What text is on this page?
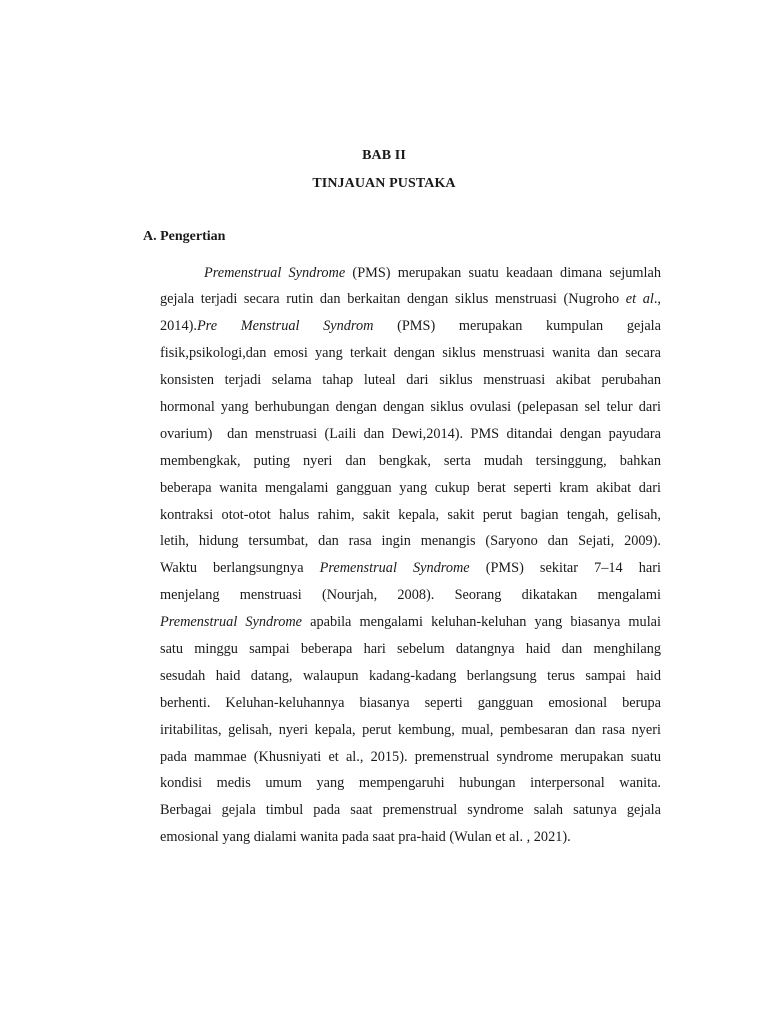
BAB II
TINJAUAN PUSTAKA
A. Pengertian
Premenstrual Syndrome (PMS) merupakan suatu keadaan dimana sejumlah
gejala terjadi secara rutin dan berkaitan dengan siklus menstruasi (Nugroho et al.,
2014).Pre Menstrual Syndrom (PMS) merupakan kumpulan gejala
fisik,psikologi,dan emosi yang terkait dengan siklus menstruasi wanita dan secara
konsisten terjadi selama tahap luteal dari siklus menstruasi akibat perubahan
hormonal yang berhubungan dengan dengan siklus ovulasi (pelepasan sel telur dari
ovarium)  dan menstruasi (Laili dan Dewi,2014). PMS ditandai dengan payudara
membengkak, puting nyeri dan bengkak, serta mudah tersinggung, bahkan
beberapa wanita mengalami gangguan yang cukup berat seperti kram akibat dari
kontraksi otot-otot halus rahim, sakit kepala, sakit perut bagian tengah, gelisah,
letih, hidung tersumbat, dan rasa ingin menangis (Saryono dan Sejati, 2009).
Waktu berlangsungnya Premenstrual Syndrome (PMS) sekitar 7–14 hari
menjelang menstruasi (Nourjah, 2008). Seorang dikatakan mengalami
Premenstrual Syndrome apabila mengalami keluhan-keluhan yang biasanya mulai
satu minggu sampai beberapa hari sebelum datangnya haid dan menghilang
sesudah haid datang, walaupun kadang-kadang berlangsung terus sampai haid
berhenti. Keluhan-keluhannya biasanya seperti gangguan emosional berupa
iritabilitas, gelisah, nyeri kepala, perut kembung, mual, pembesaran dan rasa nyeri
pada mammae (Khusniyati et al., 2015). premenstrual syndrome merupakan suatu
kondisi medis umum yang mempengaruhi hubungan interpersonal wanita.
Berbagai gejala timbul pada saat premenstrual syndrome salah satunya gejala
emosional yang dialami wanita pada saat pra-haid (Wulan et al. , 2021).
